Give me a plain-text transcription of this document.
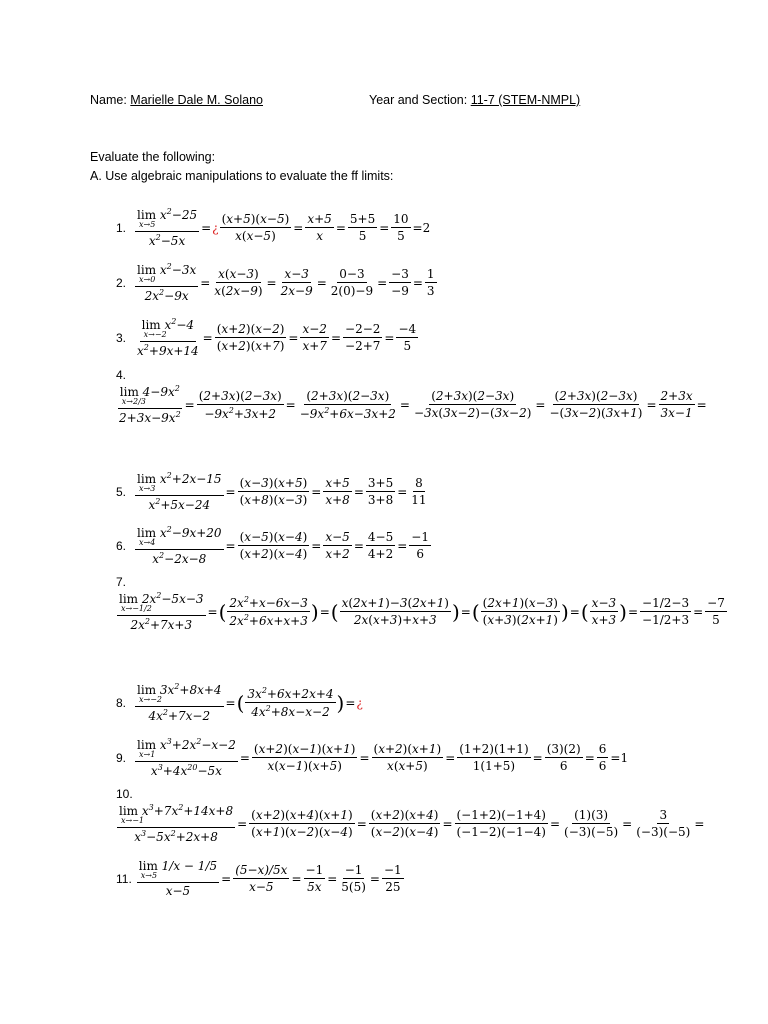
Name: Marielle Dale M. Solano	Year and Section: 11-7 (STEM-NMPL)
Evaluate the following:
A. Use algebraic manipulations to evaluate the ff limits:
1. $\lim x^2-25$
x→5
$x^2-5x$ = ¿ $\frac{(x+5)(x-5)}{x(x-5)} = \frac{x+5}{x} = \frac{5+5}{5} = \frac{10}{5} =2$
2. $\lim x^2-3x$
x→0
$2x^2-9x = \frac{x(x-3)}{x(2x-9)} = \frac{x-3}{2x-9} = \frac{0-3}{2(0)-9} = \frac{-3}{-9} = \frac{1}{3}$
3. $\lim x^2-4$
x→−2
$x^2+9x+14 = \frac{(x+2)(x-2)}{(x+2)(x+7)} = \frac{x-2}{x+7} = \frac{-2-2}{-2+7} = \frac{-4}{5}$
4.
$\lim 4-9x^2$
x→2/3
$2+3x-9x^2 = \frac{(2+3x)(2-3x)}{-9x^2+3x+2} = \frac{(2+3x)(2-3x)}{-9x^2+6x-3x+2} = \frac{(2+3x)(2-3x)}{-3x(3x-2)-(3x-2)} = \frac{(2+3x)(2-3x)}{-(3x-2)(3x+1)} = \frac{2+3x}{3x-1}$ =
5. $\lim x^2+2x-15$
x→3
$x^2+5x-24 = \frac{(x-3)(x+5)}{(x+8)(x-3)} = \frac{x+5}{x+8} = \frac{3+5}{3+8} = \frac{8}{11}$
6. $\lim x^2-9x+20$
x→4
$x^2-2x-8 = \frac{(x-5)(x-4)}{(x+2)(x-4)} = \frac{x-5}{x+2} = \frac{4-5}{4+2} = \frac{-1}{6}$
7.
$\lim 2x^2-5x-3$
x→−1/2
$2x^2+7x+3$ = ( $\frac{2x^2+x-6x-3}{2x^2+6x+x+3}$ ) = ( $\frac{x(2x+1)-3(2x+1)}{2x(x+3)+x+3}$ ) = ( $\frac{(2x+1)(x-3)}{(x+3)(2x+1)}$ ) = ( $\frac{x-3}{x+3}$ ) = $\frac{-1/2-3}{-1/2+3} = \frac{-7}{5}$
8. $\lim 3x^2+8x+4$
x→−2
$4x^2+7x-2$ = ( $\frac{3x^2+6x+2x+4}{4x^2+8x-x-2}$ ) = ¿
9. $\lim x^3+2x^2-x-2$
x→1
$x^3+4x^{20}-5x = \frac{(x+2)(x-1)(x+1)}{x(x-1)(x+5)} = \frac{(x+2)(x+1)}{x(x+5)} = \frac{(1+2)(1+1)}{1(1+5)} = \frac{(3)(2)}{6} = \frac{6}{6} =1$
10.
$\lim x^3+7x^2+14x+8$
x→−1
$x^3-5x^2+2x+8 = \frac{(x+2)(x+4)(x+1)}{(x+1)(x-2)(x-4)} = \frac{(x+2)(x+4)}{(x-2)(x-4)} = \frac{(-1+2)(-1+4)}{(-1-2)(-1-4)} = \frac{(1)(3)}{(-3)(-5)} = \frac{3}{(-3)(-5)}$ =
11. lim 1/x − 1/5
x→5
$x-5 = \frac{(5-x)/5x}{x-5} = \frac{-1}{5x} = \frac{-1}{5(5)} = \frac{-1}{25}$
